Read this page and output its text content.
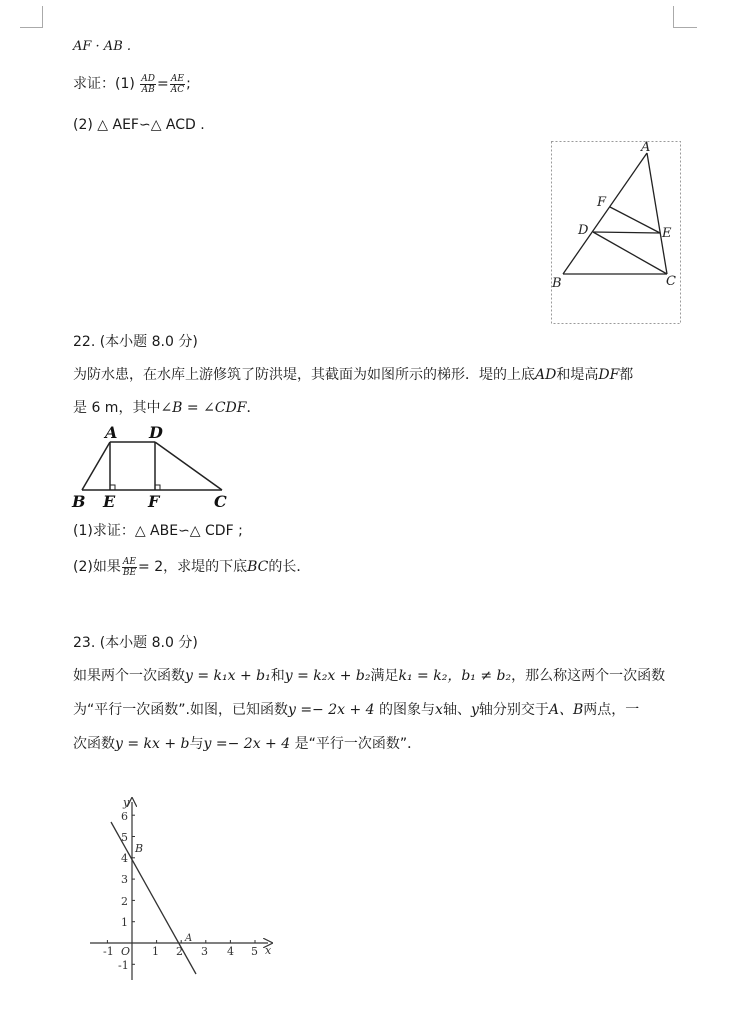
AF · AB .
求证：$(1) \frac{AD}{AB} = \frac{AE}{AC}$ ;
(2) △ AEF∽△ ACD .
A
F
D	E
B	C
22. (本小题 8.0 分)
为防水患，在水库上游修筑了防洪堤，其截面为如图所示的梯形．堤的上底AD和堤高DF都
是 6 m，其中∠B = ∠CDF．
A D
B E F	C
(1)求证：△ ABE∽△ CDF ;
(2)如果 $\frac{AE}{BE} = 2$，求堤的下底BC的长．
23. (本小题 8.0 分)
如果两个一次函数y = k₁x + b₁和y = k₂x + b₂满足k₁ = k₂，b₁ ≠ b₂，那么称这两个一次函数
为“平行一次函数”.如图，已知函数y =− 2x + 4 的图象与x轴、y轴分别交于A、B两点，一
次函数y = kx + b与y =− 2x + 4 是“平行一次函数”．
y
x
O
-1	1 2 3 4 5
6
5
4
3
2
1
-1
B
A
